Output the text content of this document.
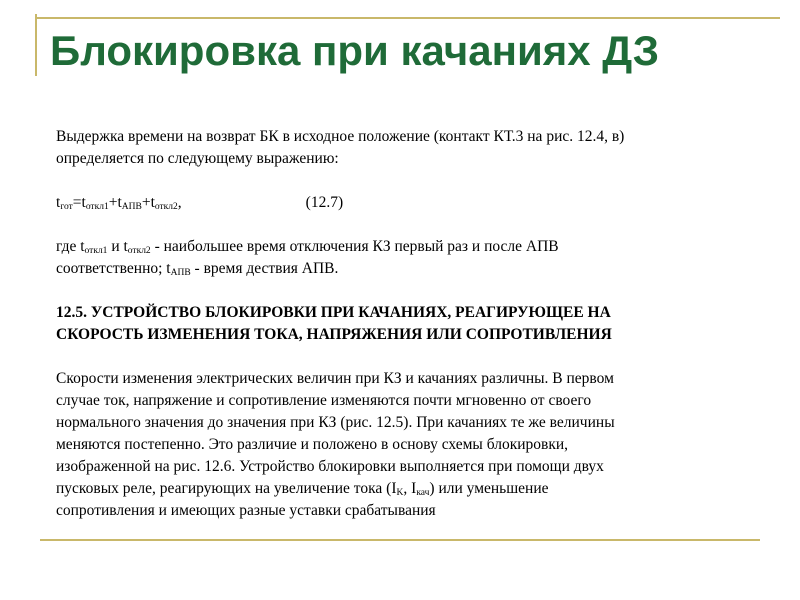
Блокировка при качаниях ДЗ
Выдержка времени на возврат БК в исходное положение (контакт КТ.3 на рис. 12.4, в)
определяется по следующему выражению:
$t_{гот}=t_{откл1}+t_{АПВ}+t_{откл2}$,	(12.7)
где $t_{откл1}$ и $t_{откл2}$ - наибольшее время отключения КЗ первый раз и после АПВ
соответственно; $t_{АПВ}$ - время дествия АПВ.
12.5. УСТРОЙСТВО БЛОКИРОВКИ ПРИ КАЧАНИЯХ, РЕАГИРУЮЩЕЕ НА
СКОРОСТЬ ИЗМЕНЕНИЯ ТОКА, НАПРЯЖЕНИЯ ИЛИ СОПРОТИВЛЕНИЯ
Скорости изменения электрических величин при КЗ и качаниях различны. В первом
случае ток, напряжение и сопротивление изменяются почти мгновенно от своего
нормального значения до значения при КЗ (рис. 12.5). При качаниях те же величины
меняются постепенно. Это различие и положено в основу схемы блокировки,
изображенной на рис. 12.6. Устройство блокировки выполняется при помощи двух
пусковых реле, реагирующих на увеличение тока ($I_K$, $I_{кач}$) или уменьшение
сопротивления и имеющих разные уставки срабатывания
